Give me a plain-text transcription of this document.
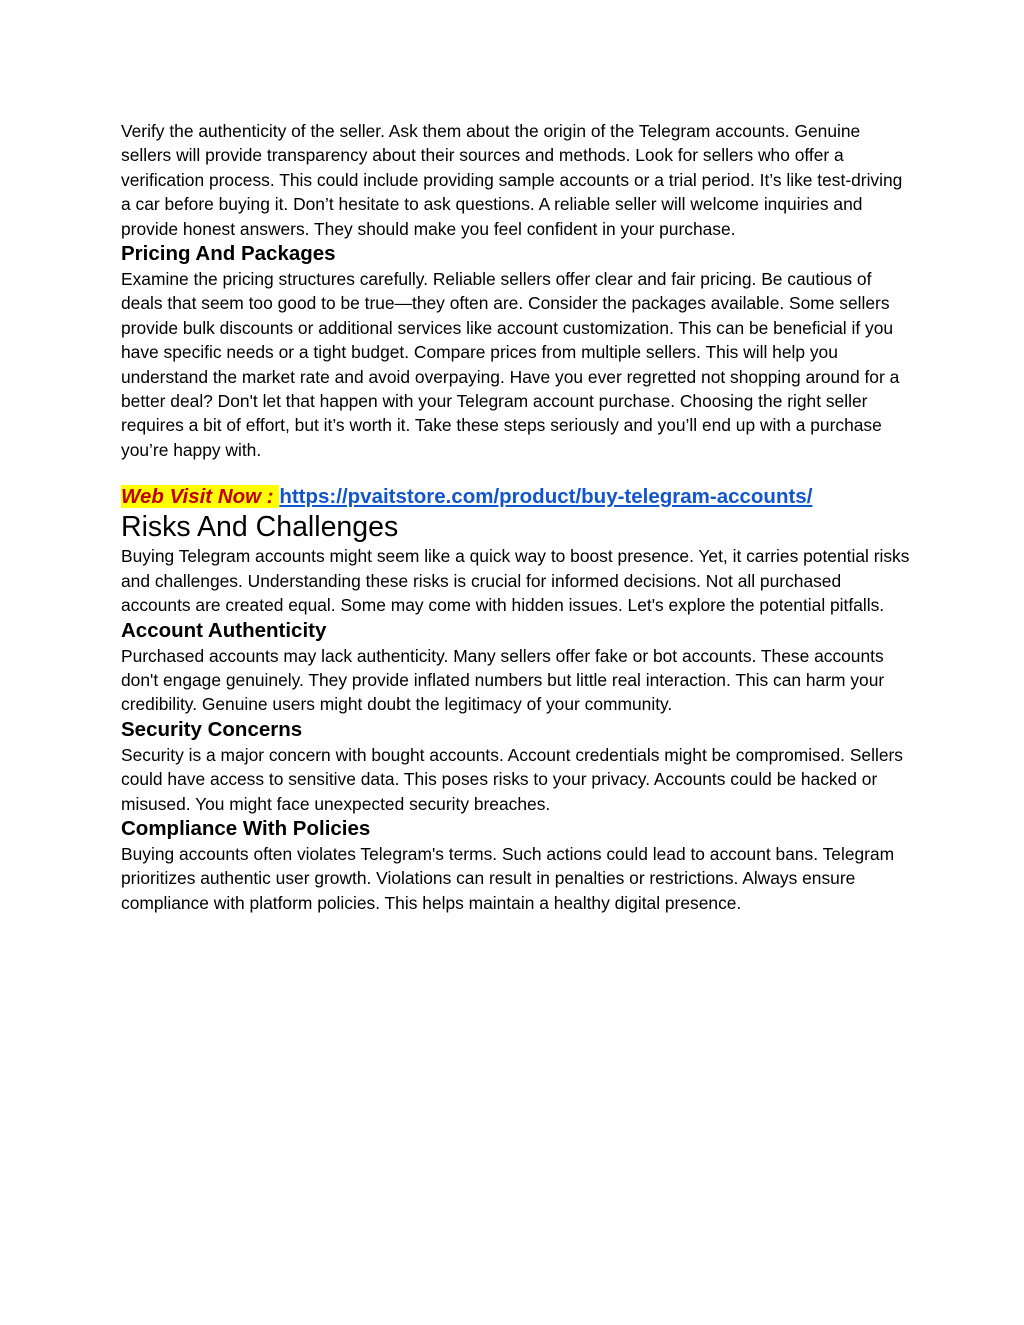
Verify the authenticity of the seller. Ask them about the origin of the Telegram accounts. Genuine sellers will provide transparency about their sources and methods. Look for sellers who offer a verification process. This could include providing sample accounts or a trial period. It’s like test-driving a car before buying it. Don’t hesitate to ask questions. A reliable seller will welcome inquiries and provide honest answers. They should make you feel confident in your purchase.

Pricing And Packages

Examine the pricing structures carefully. Reliable sellers offer clear and fair pricing. Be cautious of deals that seem too good to be true—they often are. Consider the packages available. Some sellers provide bulk discounts or additional services like account customization. This can be beneficial if you have specific needs or a tight budget. Compare prices from multiple sellers. This will help you understand the market rate and avoid overpaying. Have you ever regretted not shopping around for a better deal? Don't let that happen with your Telegram account purchase. Choosing the right seller requires a bit of effort, but it’s worth it. Take these steps seriously and you’ll end up with a purchase you’re happy with.

Web Visit Now : https://pvaitstore.com/product/buy-telegram-accounts/

Risks And Challenges

Buying Telegram accounts might seem like a quick way to boost presence. Yet, it carries potential risks and challenges. Understanding these risks is crucial for informed decisions. Not all purchased accounts are created equal. Some may come with hidden issues. Let's explore the potential pitfalls.

Account Authenticity

Purchased accounts may lack authenticity. Many sellers offer fake or bot accounts. These accounts don't engage genuinely. They provide inflated numbers but little real interaction. This can harm your credibility. Genuine users might doubt the legitimacy of your community.

Security Concerns

Security is a major concern with bought accounts. Account credentials might be compromised. Sellers could have access to sensitive data. This poses risks to your privacy. Accounts could be hacked or misused. You might face unexpected security breaches.

Compliance With Policies

Buying accounts often violates Telegram's terms. Such actions could lead to account bans. Telegram prioritizes authentic user growth. Violations can result in penalties or restrictions. Always ensure compliance with platform policies. This helps maintain a healthy digital presence.
